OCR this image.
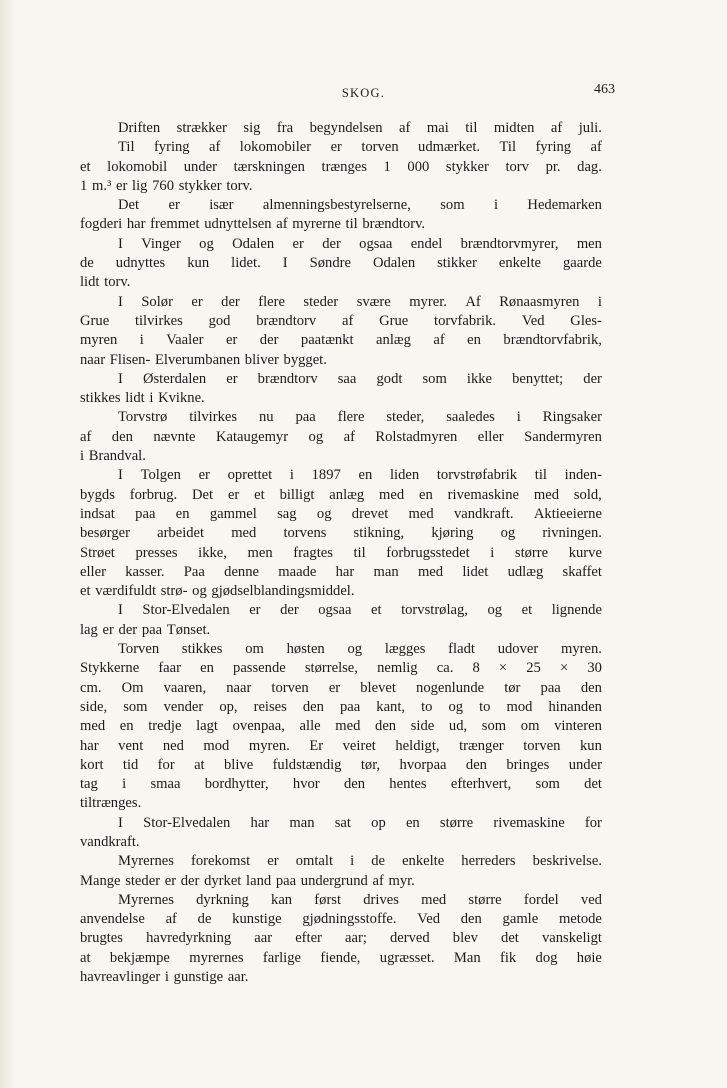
SKOG.	463
Driften strækker sig fra begyndelsen af mai til midten af juli.
Til fyring af lokomobiler er torven udmærket. Til fyring af
et lokomobil under tærskningen trænges 1 000 stykker torv pr. dag.
1 m.³ er lig 760 stykker torv.
Det er især almenningsbestyrelserne, som i Hedemarken
fogderi har fremmet udnyttelsen af myrerne til brændtorv.
I Vinger og Odalen er der ogsaa endel brændtorvmyrer, men
de udnyttes kun lidet. I Søndre Odalen stikker enkelte gaarde
lidt torv.
I Solør er der flere steder svære myrer. Af Rønaasmyren i
Grue tilvirkes god brændtorv af Grue torvfabrik. Ved Gles-
myren i Vaaler er der paatænkt anlæg af en brændtorvfabrik,
naar Flisen- Elverumbanen bliver bygget.
I Østerdalen er brændtorv saa godt som ikke benyttet; der
stikkes lidt i Kvikne.
Torvstrø tilvirkes nu paa flere steder, saaledes i Ringsaker
af den nævnte Kataugemyr og af Rolstadmyren eller Sandermyren
i Brandval.
I Tolgen er oprettet i 1897 en liden torvstrøfabrik til inden-
bygds forbrug. Det er et billigt anlæg med en rivemaskine med sold,
indsat paa en gammel sag og drevet med vandkraft. Aktieeierne
besørger arbeidet med torvens stikning, kjøring og rivningen.
Strøet presses ikke, men fragtes til forbrugsstedet i større kurve
eller kasser. Paa denne maade har man med lidet udlæg skaffet
et værdifuldt strø- og gjødselblandingsmiddel.
I Stor-Elvedalen er der ogsaa et torvstrølag, og et lignende
lag er der paa Tønset.
Torven stikkes om høsten og lægges fladt udover myren.
Stykkerne faar en passende størrelse, nemlig ca. 8 × 25 × 30
cm. Om vaaren, naar torven er blevet nogenlunde tør paa den
side, som vender op, reises den paa kant, to og to mod hinanden
med en tredje lagt ovenpaa, alle med den side ud, som om vinteren
har vent ned mod myren. Er veiret heldigt, trænger torven kun
kort tid for at blive fuldstændig tør, hvorpaa den bringes under
tag i smaa bordhytter, hvor den hentes efterhvert, som det
tiltrænges.
I Stor-Elvedalen har man sat op en større rivemaskine for
vandkraft.
Myrernes forekomst er omtalt i de enkelte herreders beskrivelse.
Mange steder er der dyrket land paa undergrund af myr.
Myrernes dyrkning kan først drives med større fordel ved
anvendelse af de kunstige gjødningsstoffe. Ved den gamle metode
brugtes havredyrkning aar efter aar; derved blev det vanskeligt
at bekjæmpe myrernes farlige fiende, ugræsset. Man fik dog høie
havreavlinger i gunstige aar.
